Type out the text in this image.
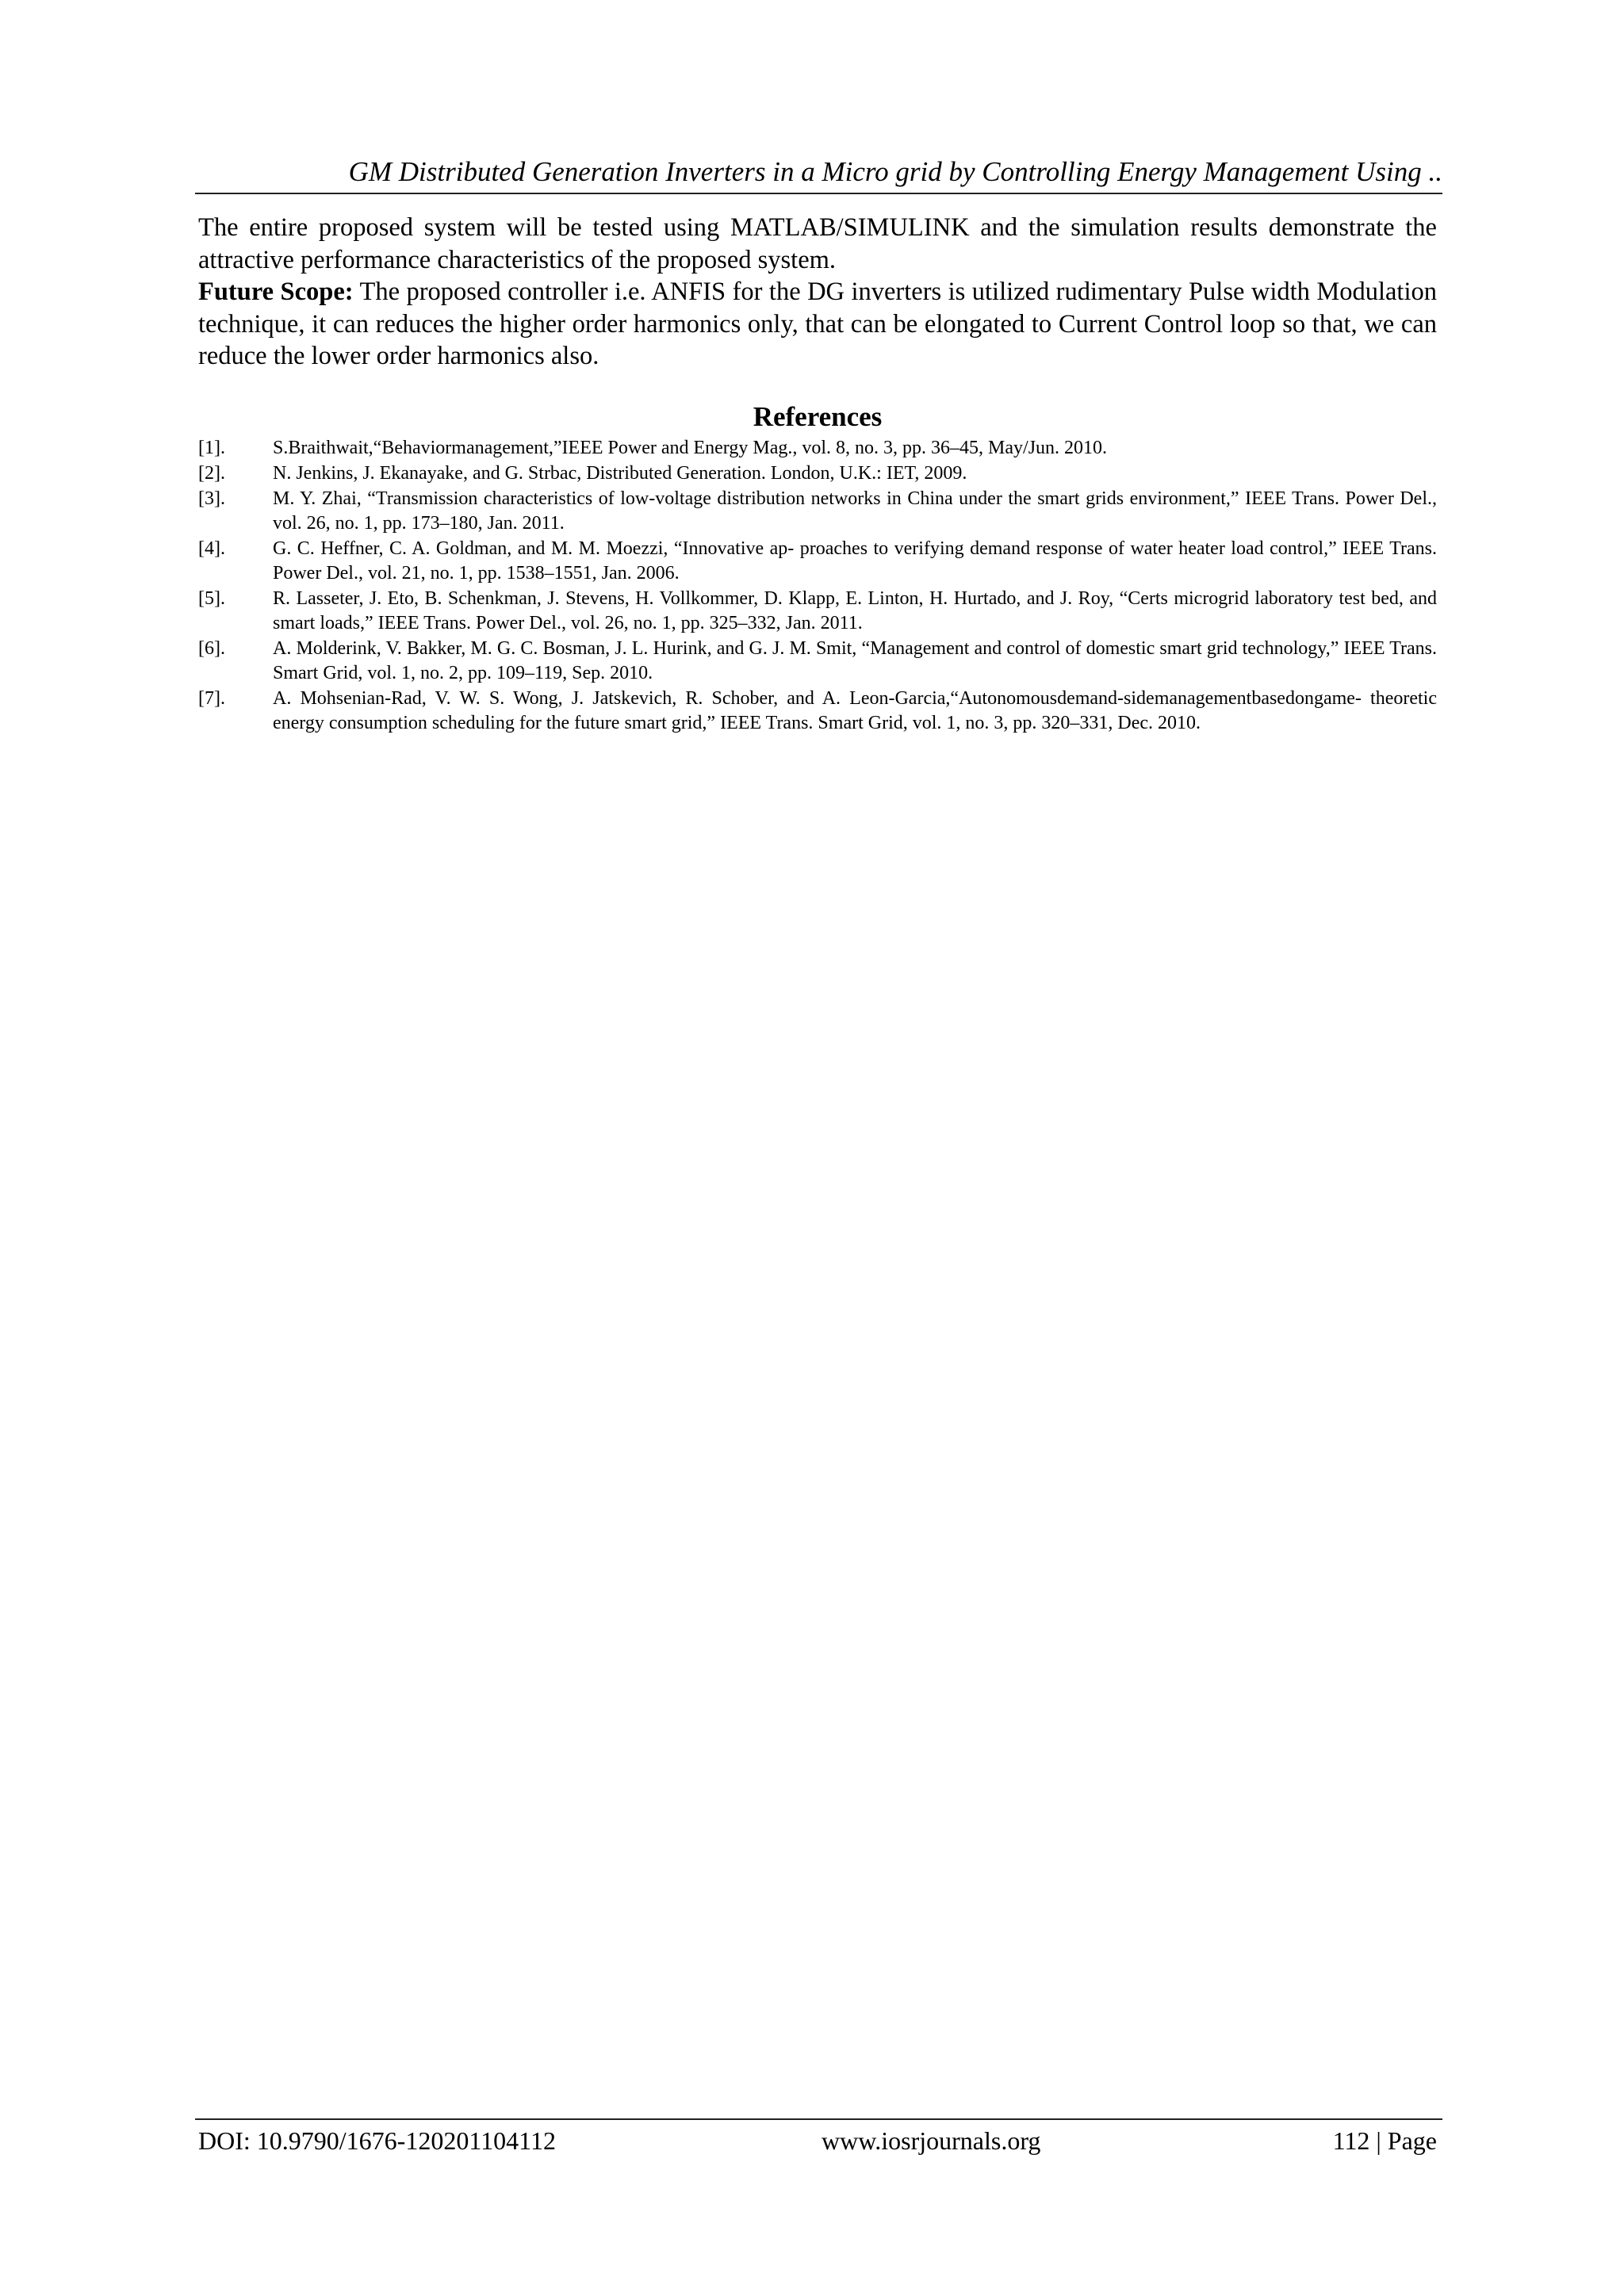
GM Distributed Generation Inverters in a Micro grid by Controlling Energy Management Using ..

The entire proposed system will be tested using MATLAB/SIMULINK and the simulation results demonstrate the attractive performance characteristics of the proposed system.

Future Scope: The proposed controller i.e. ANFIS for the DG inverters is utilized rudimentary Pulse width Modulation technique, it can reduces the higher order harmonics only, that can be elongated to Current Control loop so that, we can reduce the lower order harmonics also.

References
[1].	S.Braithwait,“Behaviormanagement,”IEEE Power and Energy Mag., vol. 8, no. 3, pp. 36–45, May/Jun. 2010.
[2].	N. Jenkins, J. Ekanayake, and G. Strbac, Distributed Generation. London, U.K.: IET, 2009.
[3].	M. Y. Zhai, “Transmission characteristics of low-voltage distribution networks in China under the smart grids environment,” IEEE Trans. Power Del., vol. 26, no. 1, pp. 173–180, Jan. 2011.
[4].	G. C. Heffner, C. A. Goldman, and M. M. Moezzi, “Innovative ap- proaches to verifying demand response of water heater load control,” IEEE Trans. Power Del., vol. 21, no. 1, pp. 1538–1551, Jan. 2006.
[5].	R. Lasseter, J. Eto, B. Schenkman, J. Stevens, H. Vollkommer, D. Klapp, E. Linton, H. Hurtado, and J. Roy, “Certs microgrid laboratory test bed, and smart loads,” IEEE Trans. Power Del., vol. 26, no. 1, pp. 325–332, Jan. 2011.
[6].	A. Molderink, V. Bakker, M. G. C. Bosman, J. L. Hurink, and G. J. M. Smit, “Management and control of domestic smart grid technology,” IEEE Trans. Smart Grid, vol. 1, no. 2, pp. 109–119, Sep. 2010.
[7].	A. Mohsenian-Rad, V. W. S. Wong, J. Jatskevich, R. Schober, and A. Leon-Garcia,“Autonomousdemand-sidemanagementbasedongame- theoretic energy consumption scheduling for the future smart grid,” IEEE Trans. Smart Grid, vol. 1, no. 3, pp. 320–331, Dec. 2010.
DOI: 10.9790/1676-120201104112	www.iosrjournals.org	112 | Page
